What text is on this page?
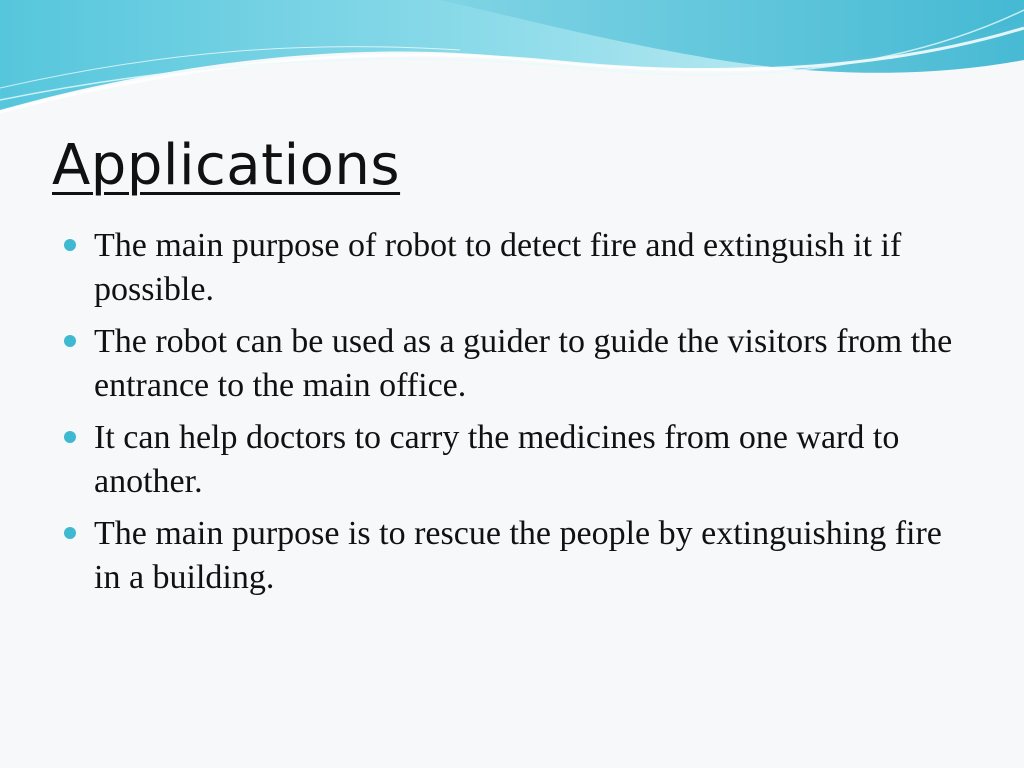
Applications
The main purpose of robot to detect fire and extinguish it if possible.
The robot can be used as a guider to guide the visitors from the entrance to the main office.
It can help doctors to carry the medicines from one ward to another.
The main purpose is to rescue the people by extinguishing fire in a building.
